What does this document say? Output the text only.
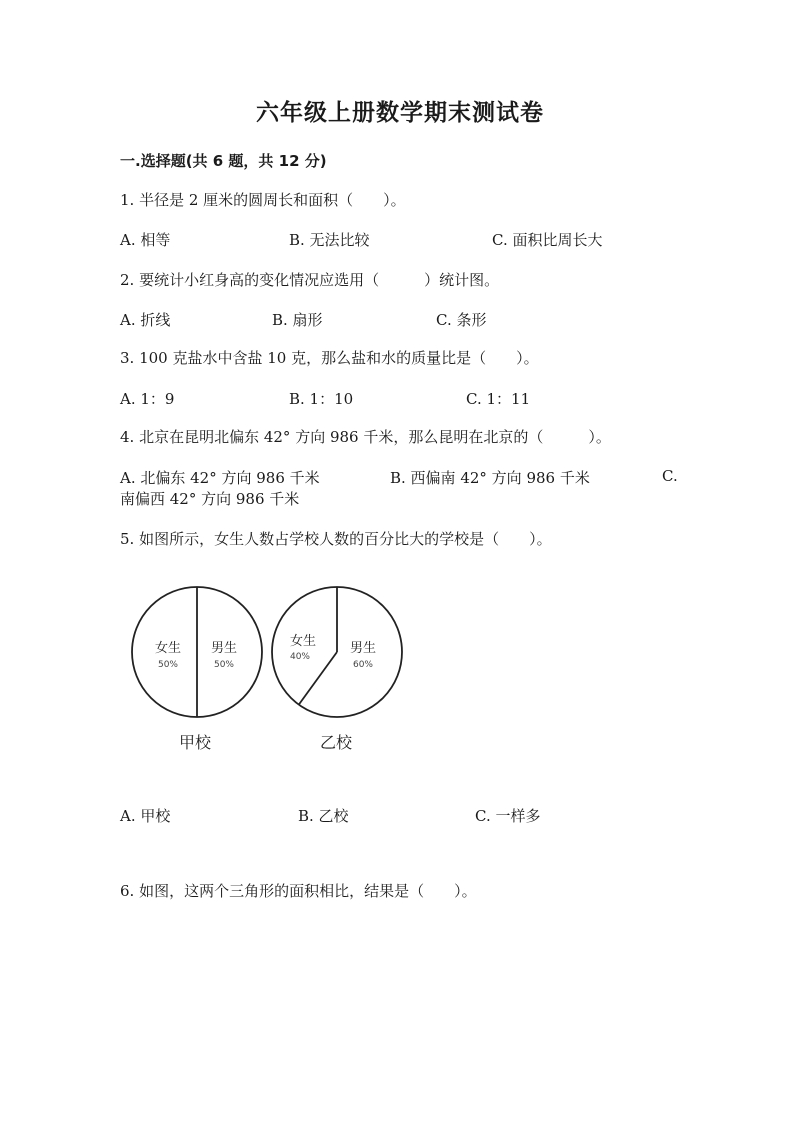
六年级上册数学期末测试卷
一.选择题(共 6 题，共 12 分)
1. 半径是 2 厘米的圆周长和面积（　　）。
A. 相等	B. 无法比较	C. 面积比周长大
2. 要统计小红身高的变化情况应选用（　　　）统计图。
A. 折线	B. 扇形	C. 条形
3. 100 克盐水中含盐 10 克，那么盐和水的质量比是（　　）。
A. 1：9	B. 1：10	C. 1：11
4. 北京在昆明北偏东 42° 方向 986 千米，那么昆明在北京的（　　　）。
A. 北偏东 42° 方向 986 千米	B. 西偏南 42° 方向 986 千米	C.
南偏西 42° 方向 986 千米
5. 如图所示，女生人数占学校人数的百分比大的学校是（　　）。
女生
50%
男生
50%
甲校
女生
40%
男生
60%
乙校
A. 甲校	B. 乙校	C. 一样多
6. 如图，这两个三角形的面积相比，结果是（　　）。
